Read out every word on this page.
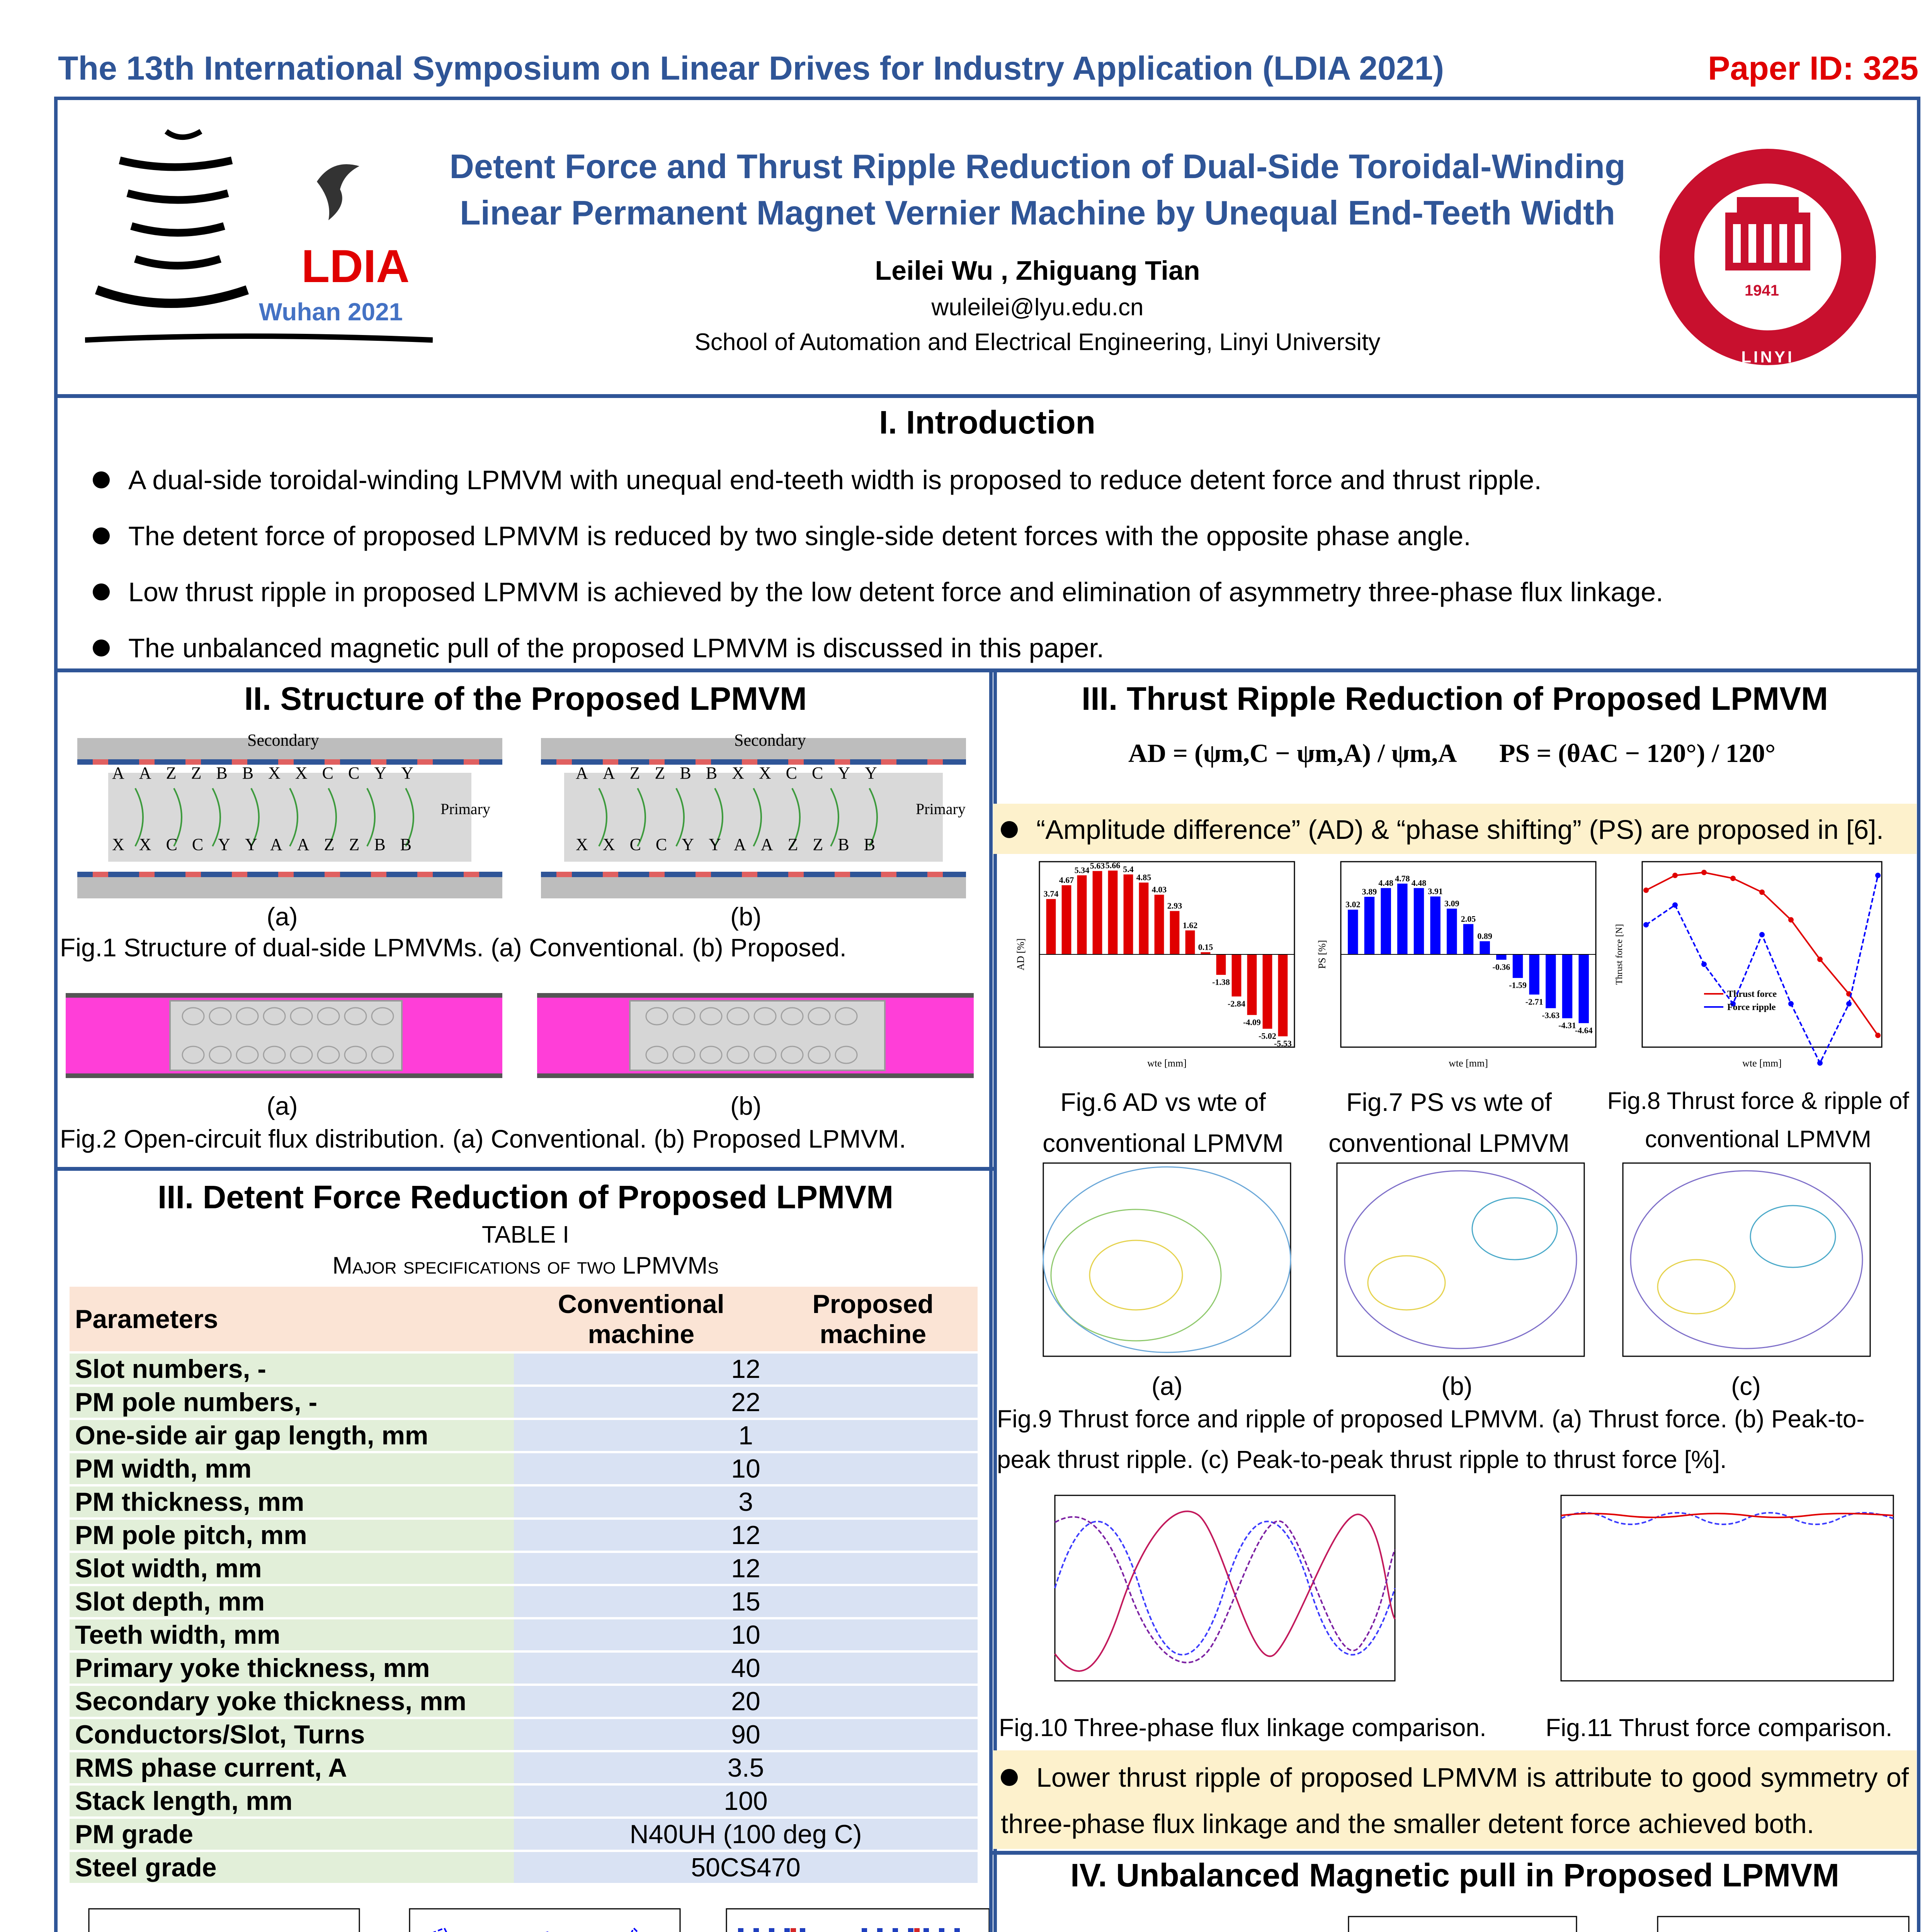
The 13th International Symposium on Linear Drives for Industry Application (LDIA 2021)	Paper ID: 325
LDIA
Wuhan 2021
Detent Force and Thrust Ripple Reduction of Dual-Side Toroidal-Winding
Linear Permanent Magnet Vernier Machine by Unequal End-Teeth Width
Leilei Wu , Zhiguang Tian
wuleilei@lyu.edu.cn
School of Automation and Electrical Engineering, Linyi University
1941
LINYI UNIVERSITY
I. Introduction
A dual-side toroidal-winding LPMVM with unequal end-teeth width is proposed to reduce detent force and thrust ripple.
The detent force of proposed LPMVM is reduced by two single-side detent forces with the opposite phase angle.
Low thrust ripple in proposed LPMVM is achieved by the low detent force and elimination of asymmetry three-phase flux linkage.
The unbalanced magnetic pull of the proposed LPMVM is discussed in this paper.
II. Structure of the Proposed LPMVM
Secondary
Primary
AAZZBBXXCCYY
XXCCYYAAZZBB
Secondary
Primary
AAZZBBXXCCYY
XXCCYYAAZZBB
(a)	(b)
Fig.1 Structure of dual-side LPMVMs. (a) Conventional. (b) Proposed.
(a)	(b)
Fig.2 Open-circuit flux distribution. (a) Conventional. (b) Proposed LPMVM.
III. Detent Force Reduction of Proposed LPMVM
TABLE I
Major specifications of two LPMVMs
Parameters	Conventional machine	Proposed machine
Slot numbers, -	12	
PM pole numbers, -	22	
One-side air gap length, mm	1	
PM width, mm	10	
PM thickness, mm	3	
PM pole pitch, mm	12	
Slot width, mm	12	
Slot depth, mm	15	
Teeth width, mm	10	
Primary yoke thickness, mm	40	
Secondary yoke thickness, mm	20	
Conductors/Slot, Turns	90	
RMS phase current, A	3.5	
Stack length, mm	100	
PM grade	N40UH (100 deg C)	
Steel grade	50CS470	
III. Thrust Ripple Reduction of Proposed LPMVM
AD = (ψm,C − ψm,A) / ψm,A PS = (θAC − 120°) / 120°
“Amplitude difference” (AD) & “phase shifting” (PS) are proposed in [6].
3.74
4.67
5.34 5.63 5.66 5.4
4.85
4.03
2.93
1.62
0.15
-1.38
-2.84
-4.09
-5.02
-5.53
wte [mm]
AD [%]
3.02
3.89
4.48 4.78 4.48
3.91
3.09
2.05
0.89
-0.36
-1.59
-2.71
-3.63
-4.31
-4.64
wte [mm]
PS [%]
Thrust force
Force ripple
wte [mm]
Thrust force [N]
Fig.6 AD vs wte of conventional LPMVM
Fig.7 PS vs wte of conventional LPMVM
Fig.8 Thrust force & ripple of conventional LPMVM
(a)	(b)	(c)
Fig.9 Thrust force and ripple of proposed LPMVM. (a) Thrust force. (b) Peak-to-peak thrust ripple. (c) Peak-to-peak thrust ripple to thrust force [%].
Fig.10 Three-phase flux linkage comparison. Fig.11 Thrust force comparison.
Lower thrust ripple of proposed LPMVM is attribute to good symmetry of three-phase flux linkage and the smaller detent force achieved both.
IV. Unbalanced Magnetic pull in Proposed LPMVM
